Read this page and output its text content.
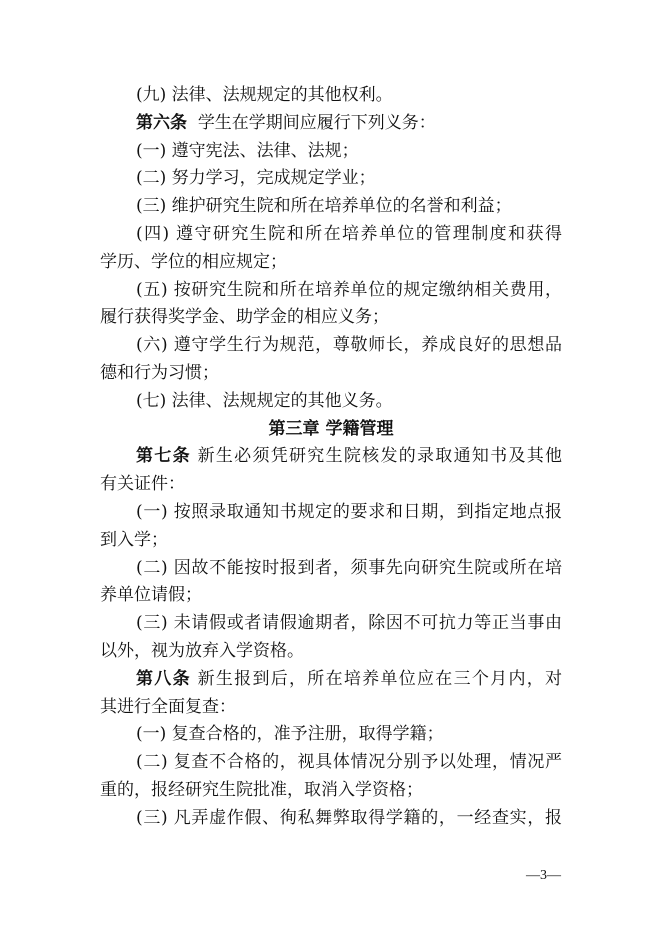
(九) 法律、法规规定的其他权利。
第六条 学生在学期间应履行下列义务：
(一) 遵守宪法、法律、法规；
(二) 努力学习，完成规定学业；
(三) 维护研究生院和所在培养单位的名誉和利益；
(四) 遵守研究生院和所在培养单位的管理制度和获得
学历、学位的相应规定；
(五) 按研究生院和所在培养单位的规定缴纳相关费用，
履行获得奖学金、助学金的相应义务；
(六) 遵守学生行为规范，尊敬师长，养成良好的思想品
德和行为习惯；
(七) 法律、法规规定的其他义务。
第三章 学籍管理
第七条 新生必须凭研究生院核发的录取通知书及其他
有关证件：
(一) 按照录取通知书规定的要求和日期，到指定地点报
到入学；
(二) 因故不能按时报到者，须事先向研究生院或所在培
养单位请假；
(三) 未请假或者请假逾期者，除因不可抗力等正当事由
以外，视为放弃入学资格。
第八条 新生报到后，所在培养单位应在三个月内，对
其进行全面复查：
(一) 复查合格的，准予注册，取得学籍；
(二) 复查不合格的，视具体情况分别予以处理，情况严
重的，报经研究生院批准，取消入学资格；
(三) 凡弄虚作假、徇私舞弊取得学籍的，一经查实，报
—3—
